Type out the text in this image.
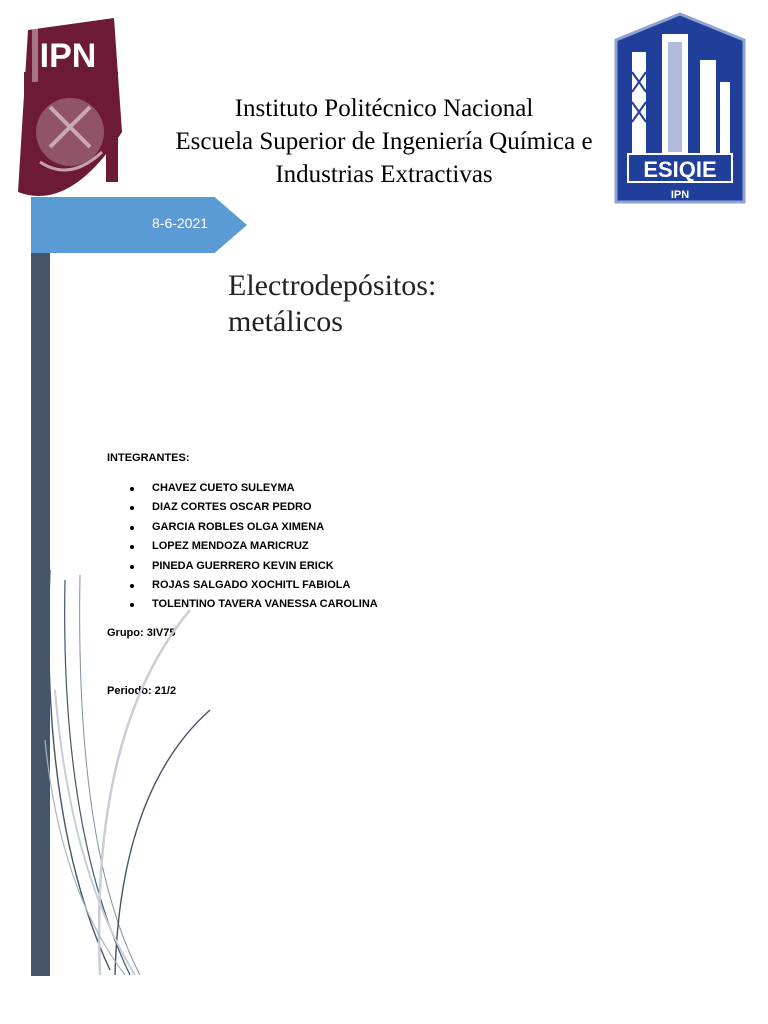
IPN
ESIQIE
IPN
Instituto Politécnico Nacional
Escuela Superior de Ingeniería Química e
Industrias Extractivas
8-6-2021
Electrodepósitos:
metálicos
INTEGRANTES:
CHAVEZ CUETO SULEYMA
DIAZ CORTES OSCAR PEDRO
GARCIA ROBLES OLGA XIMENA
LOPEZ MENDOZA MARICRUZ
PINEDA GUERRERO KEVIN ERICK
ROJAS SALGADO XOCHITL FABIOLA
TOLENTINO TAVERA VANESSA CAROLINA
Grupo: 3IV75
Periodo: 21/2
